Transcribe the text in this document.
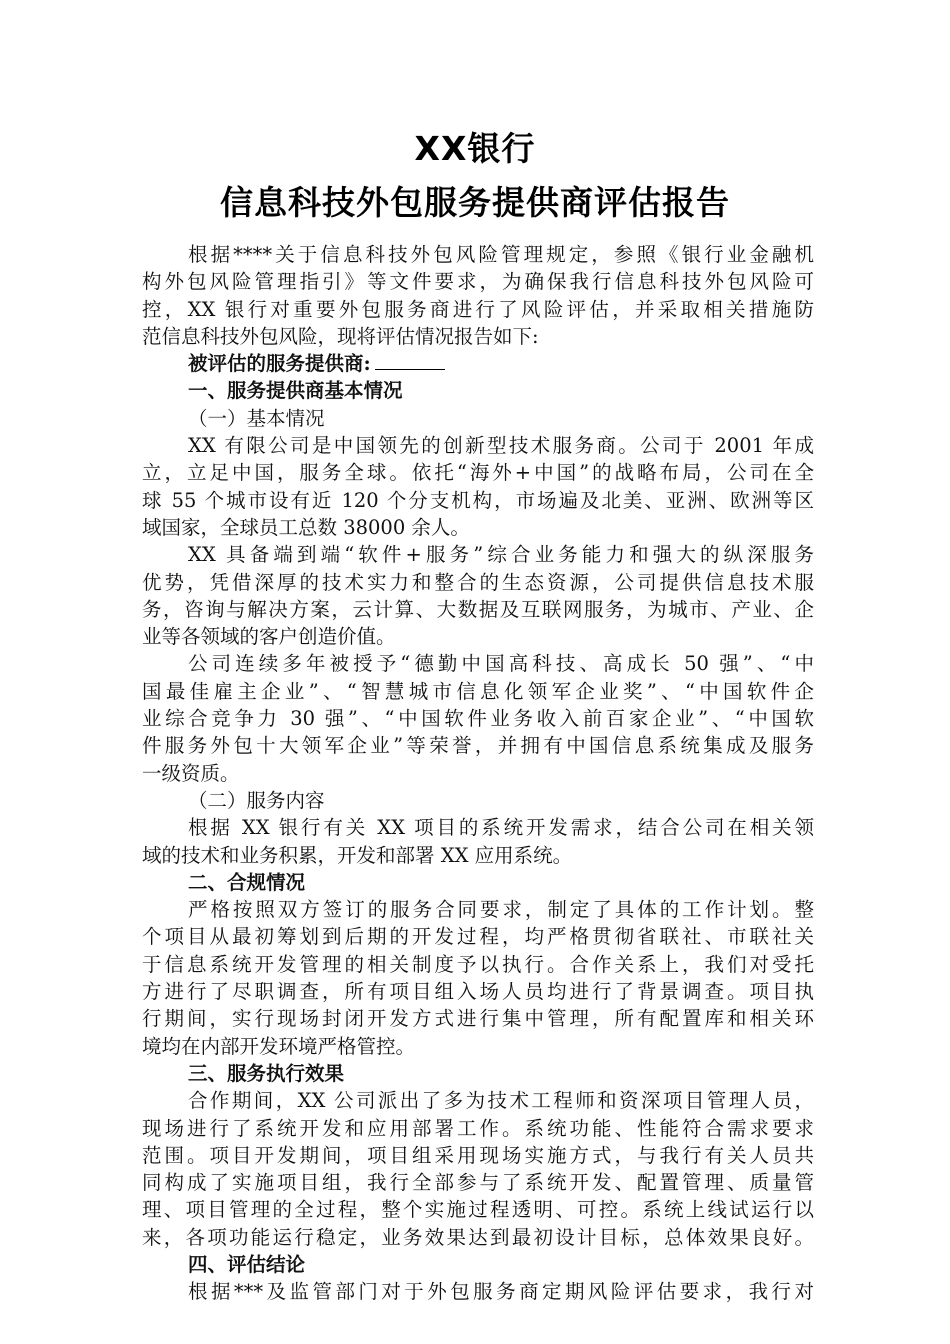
XX银行
信息科技外包服务提供商评估报告
根据****关于信息科技外包风险管理规定，参照《银行业金融机
构外包风险管理指引》等文件要求，为确保我行信息科技外包风险可
控，XX 银行对重要外包服务商进行了风险评估，并采取相关措施防
范信息科技外包风险，现将评估情况报告如下:
被评估的服务提供商:
一、服务提供商基本情况
（一）基本情况
XX 有限公司是中国领先的创新型技术服务商。公司于 2001 年成
立，立足中国，服务全球。依托“海外+中国”的战略布局，公司在全
球 55 个城市设有近 120 个分支机构，市场遍及北美、亚洲、欧洲等区
域国家，全球员工总数 38000 余人。
XX 具备端到端“软件+服务”综合业务能力和强大的纵深服务
优势，凭借深厚的技术实力和整合的生态资源，公司提供信息技术服
务，咨询与解决方案，云计算、大数据及互联网服务，为城市、产业、企
业等各领域的客户创造价值。
公司连续多年被授予“德勤中国高科技、高成长 50 强”、“中
国最佳雇主企业”、“智慧城市信息化领军企业奖”、“中国软件企
业综合竞争力 30 强”、“中国软件业务收入前百家企业”、“中国软
件服务外包十大领军企业”等荣誉，并拥有中国信息系统集成及服务
一级资质。
（二）服务内容
根据 XX 银行有关 XX 项目的系统开发需求，结合公司在相关领
域的技术和业务积累，开发和部署 XX 应用系统。
二、合规情况
严格按照双方签订的服务合同要求，制定了具体的工作计划。整
个项目从最初筹划到后期的开发过程，均严格贯彻省联社、市联社关
于信息系统开发管理的相关制度予以执行。合作关系上，我们对受托
方进行了尽职调查，所有项目组入场人员均进行了背景调查。项目执
行期间，实行现场封闭开发方式进行集中管理，所有配置库和相关环
境均在内部开发环境严格管控。
三、服务执行效果
合作期间，XX 公司派出了多为技术工程师和资深项目管理人员，
现场进行了系统开发和应用部署工作。系统功能、性能符合需求要求
范围。项目开发期间，项目组采用现场实施方式，与我行有关人员共
同构成了实施项目组，我行全部参与了系统开发、配置管理、质量管
理、项目管理的全过程，整个实施过程透明、可控。系统上线试运行以
来，各项功能运行稳定，业务效果达到最初设计目标，总体效果良好。
四、评估结论
根据***及监管部门对于外包服务商定期风险评估要求，我行对
